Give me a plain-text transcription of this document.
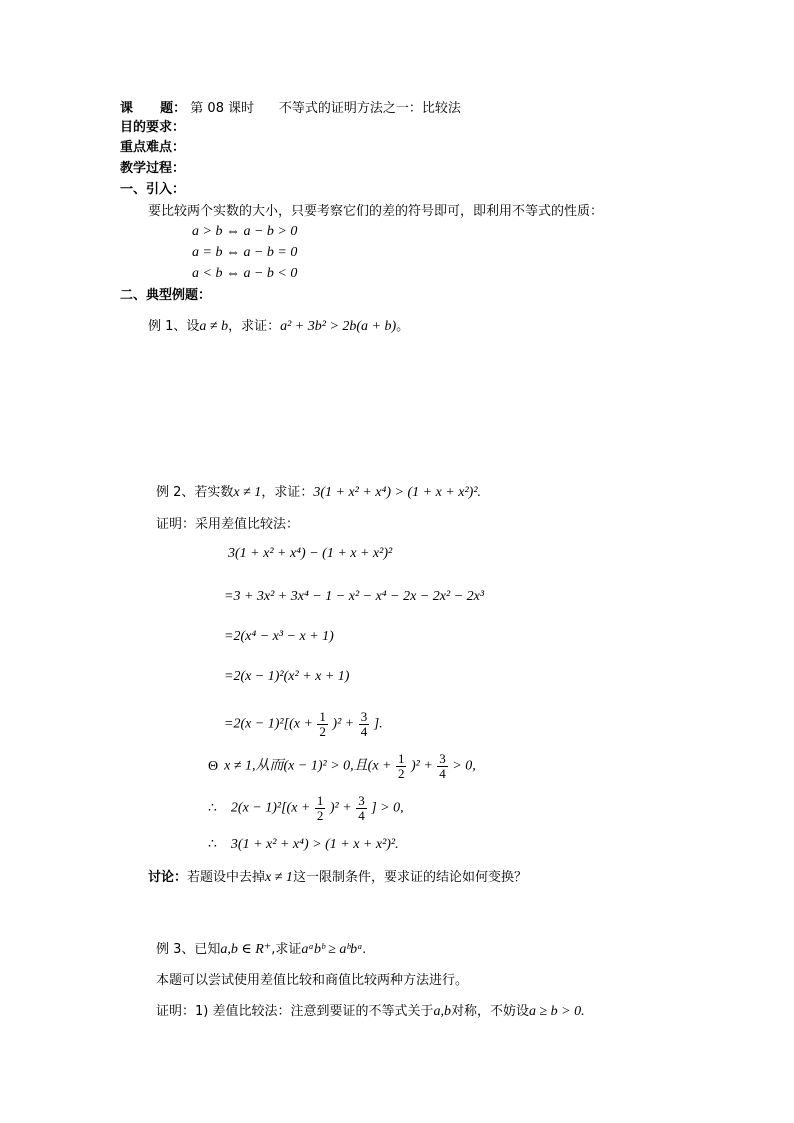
课      题： 第 08 课时      不等式的证明方法之一：比较法
目的要求：
重点难点：
教学过程：
一、引入：
要比较两个实数的大小，只要考察它们的差的符号即可，即利用不等式的性质：
a > b ⇔ a − b > 0
a = b ⇔ a − b = 0
a < b ⇔ a − b < 0
二、典型例题：
例 1、设a ≠ b，求证：a² + 3b² > 2b(a + b)。
例 2、若实数x ≠ 1，求证：3(1 + x² + x⁴) > (1 + x + x²)².
证明：采用差值比较法：
3(1 + x² + x⁴) − (1 + x + x²)²
=3 + 3x² + 3x⁴ − 1 − x² − x⁴ − 2x − 2x² − 2x³
=2(x⁴ − x³ − x + 1)
=2(x − 1)²(x² + x + 1)
$=2(x - 1)^2[(x + \frac{1}{2} )^2 + \frac{3}{4}$ ].
Θ x ≠ 1,从而(x − 1)² > 0,且$(x + \frac{1}{2} )^2 + \frac{3}{4} > 0$,
∴ $2(x - 1)^2[(x + \frac{1}{2} )^2 + \frac{3}{4}$ ] > 0,
∴ 3(1 + x² + x⁴) > (1 + x + x²)².
讨论：若题设中去掉x ≠ 1这一限制条件，要求证的结论如何变换？
例 3、已知a,b ∈ R⁺,求证aᵃbᵇ ≥ aᵇbᵃ.
本题可以尝试使用差值比较和商值比较两种方法进行。
证明：1) 差值比较法：注意到要证的不等式关于a,b对称，不妨设a ≥ b > 0.
